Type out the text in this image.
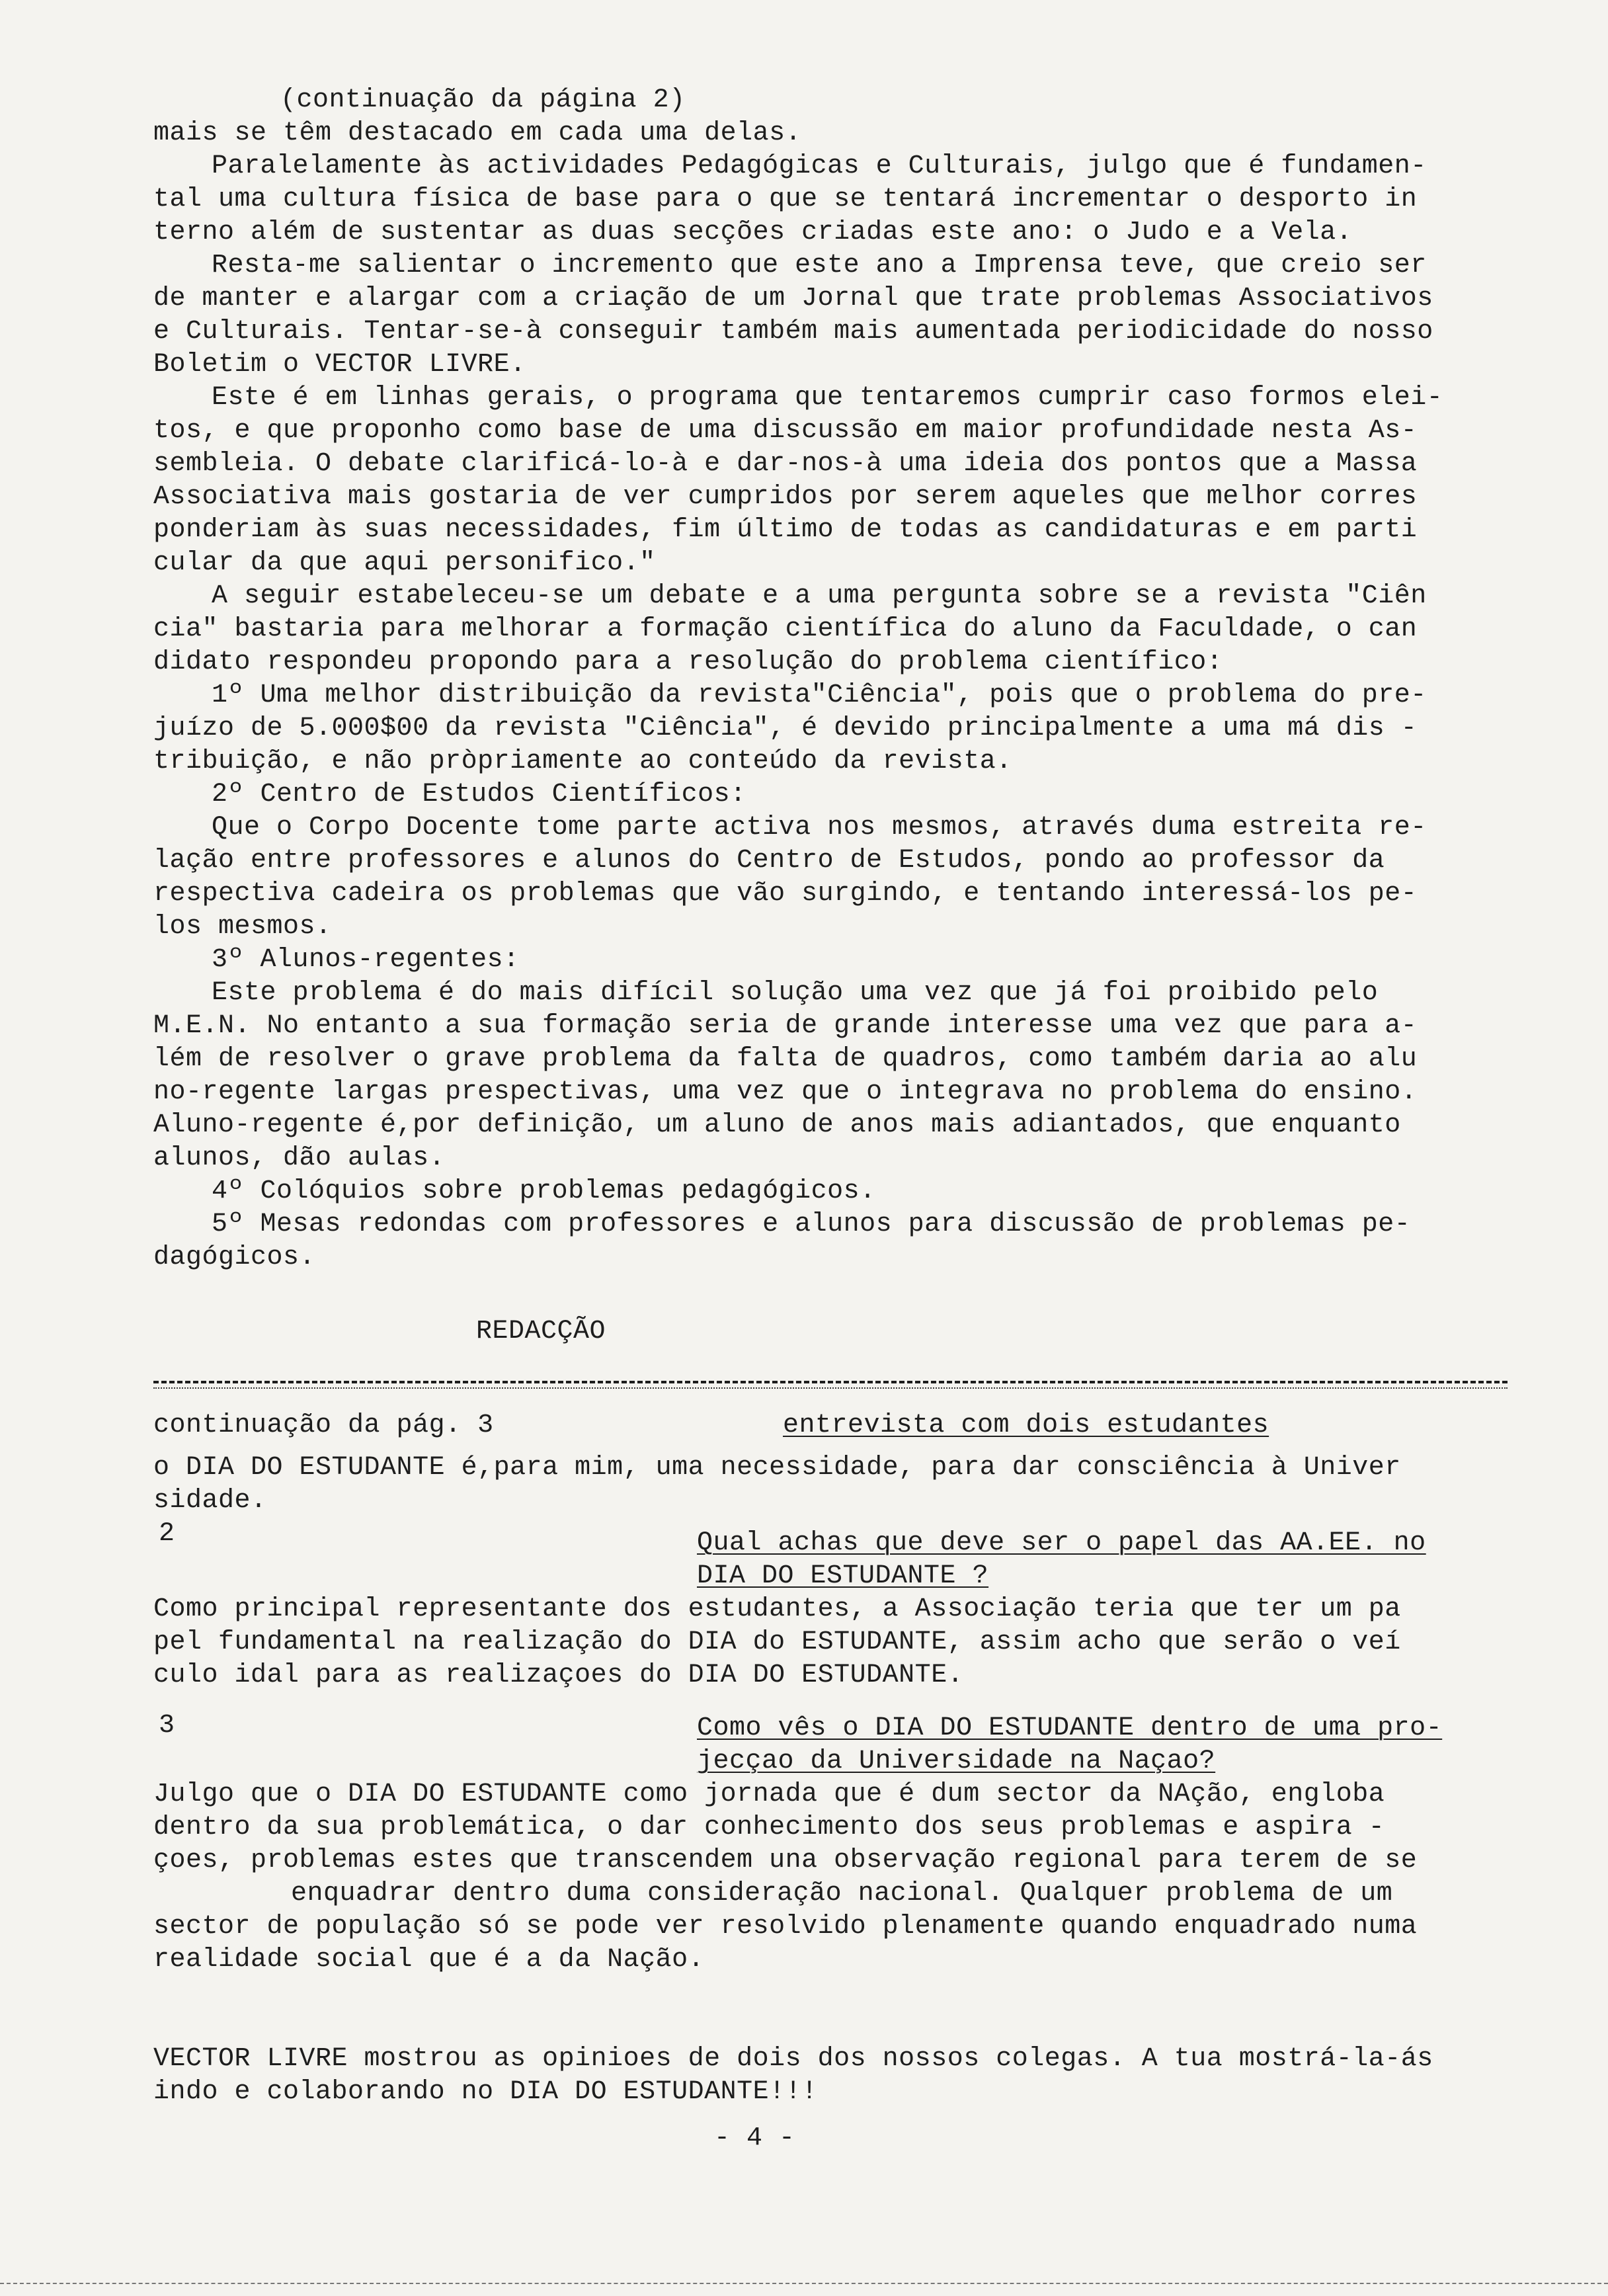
(continuação da página 2)
mais se têm destacado em cada uma delas.
Paralelamente às actividades Pedagógicas e Culturais, julgo que é fundamen-
tal uma cultura física de base para o que se tentará incrementar o desporto in
terno além de sustentar as duas secções criadas este ano: o Judo e a Vela.
Resta-me salientar o incremento que este ano a Imprensa teve, que creio ser
de manter e alargar com a criação de um Jornal que trate problemas Associativos
e Culturais. Tentar-se-à conseguir também mais aumentada periodicidade do nosso
Boletim o VECTOR LIVRE.
Este é em linhas gerais, o programa que tentaremos cumprir caso formos elei-
tos, e que proponho como base de uma discussão em maior profundidade nesta As-
sembleia. O debate clarificá-lo-à e dar-nos-à uma ideia dos pontos que a Massa
Associativa mais gostaria de ver cumpridos por serem aqueles que melhor corres
ponderiam às suas necessidades, fim último de todas as candidaturas e em parti
cular da que aqui personifico."
A seguir estabeleceu-se um debate e a uma pergunta sobre se a revista "Ciên
cia" bastaria para melhorar a formação científica do aluno da Faculdade, o can
didato respondeu propondo para a resolução do problema científico:
1º Uma melhor distribuição da revista"Ciência", pois que o problema do pre-
juízo de 5.000$00 da revista "Ciência", é devido principalmente a uma má dis -
tribuição, e não pròpriamente ao conteúdo da revista.
2º Centro de Estudos Científicos:
Que o Corpo Docente tome parte activa nos mesmos, através duma estreita re-
lação entre professores e alunos do Centro de Estudos, pondo ao professor da
respectiva cadeira os problemas que vão surgindo, e tentando interessá-los pe-
los mesmos.
3º Alunos-regentes:
Este problema é do mais difícil solução uma vez que já foi proibido pelo
M.E.N. No entanto a sua formação seria de grande interesse uma vez que para a-
lém de resolver o grave problema da falta de quadros, como também daria ao alu
no-regente largas prespectivas, uma vez que o integrava no problema do ensino.
Aluno-regente é,por definição, um aluno de anos mais adiantados, que enquanto
alunos, dão aulas.
4º Colóquios sobre problemas pedagógicos.
5º Mesas redondas com professores e alunos para discussão de problemas pe-
dagógicos.
REDACÇÃO
continuação da pág. 3	entrevista com dois estudantes
o DIA DO ESTUDANTE é,para mim, uma necessidade, para dar consciência à Univer
sidade.
2	Qual achas que deve ser o papel das AA.EE. no
DIA DO ESTUDANTE ?
Como principal representante dos estudantes, a Associação teria que ter um pa
pel fundamental na realização do DIA do ESTUDANTE, assim acho que serão o veí
culo idal para as realizaçoes do DIA DO ESTUDANTE.
3	Como vês o DIA DO ESTUDANTE dentro de uma pro-
jecçao da Universidade na Naçao?
Julgo que o DIA DO ESTUDANTE como jornada que é dum sector da NAção, engloba
dentro da sua problemática, o dar conhecimento dos seus problemas e aspira -
çoes, problemas estes que transcendem una observação regional para terem de se
enquadrar dentro duma consideração nacional. Qualquer problema de um
sector de população só se pode ver resolvido plenamente quando enquadrado numa
realidade social que é a da Nação.
VECTOR LIVRE mostrou as opinioes de dois dos nossos colegas. A tua mostrá-la-ás
indo e colaborando no DIA DO ESTUDANTE!!!
- 4 -
